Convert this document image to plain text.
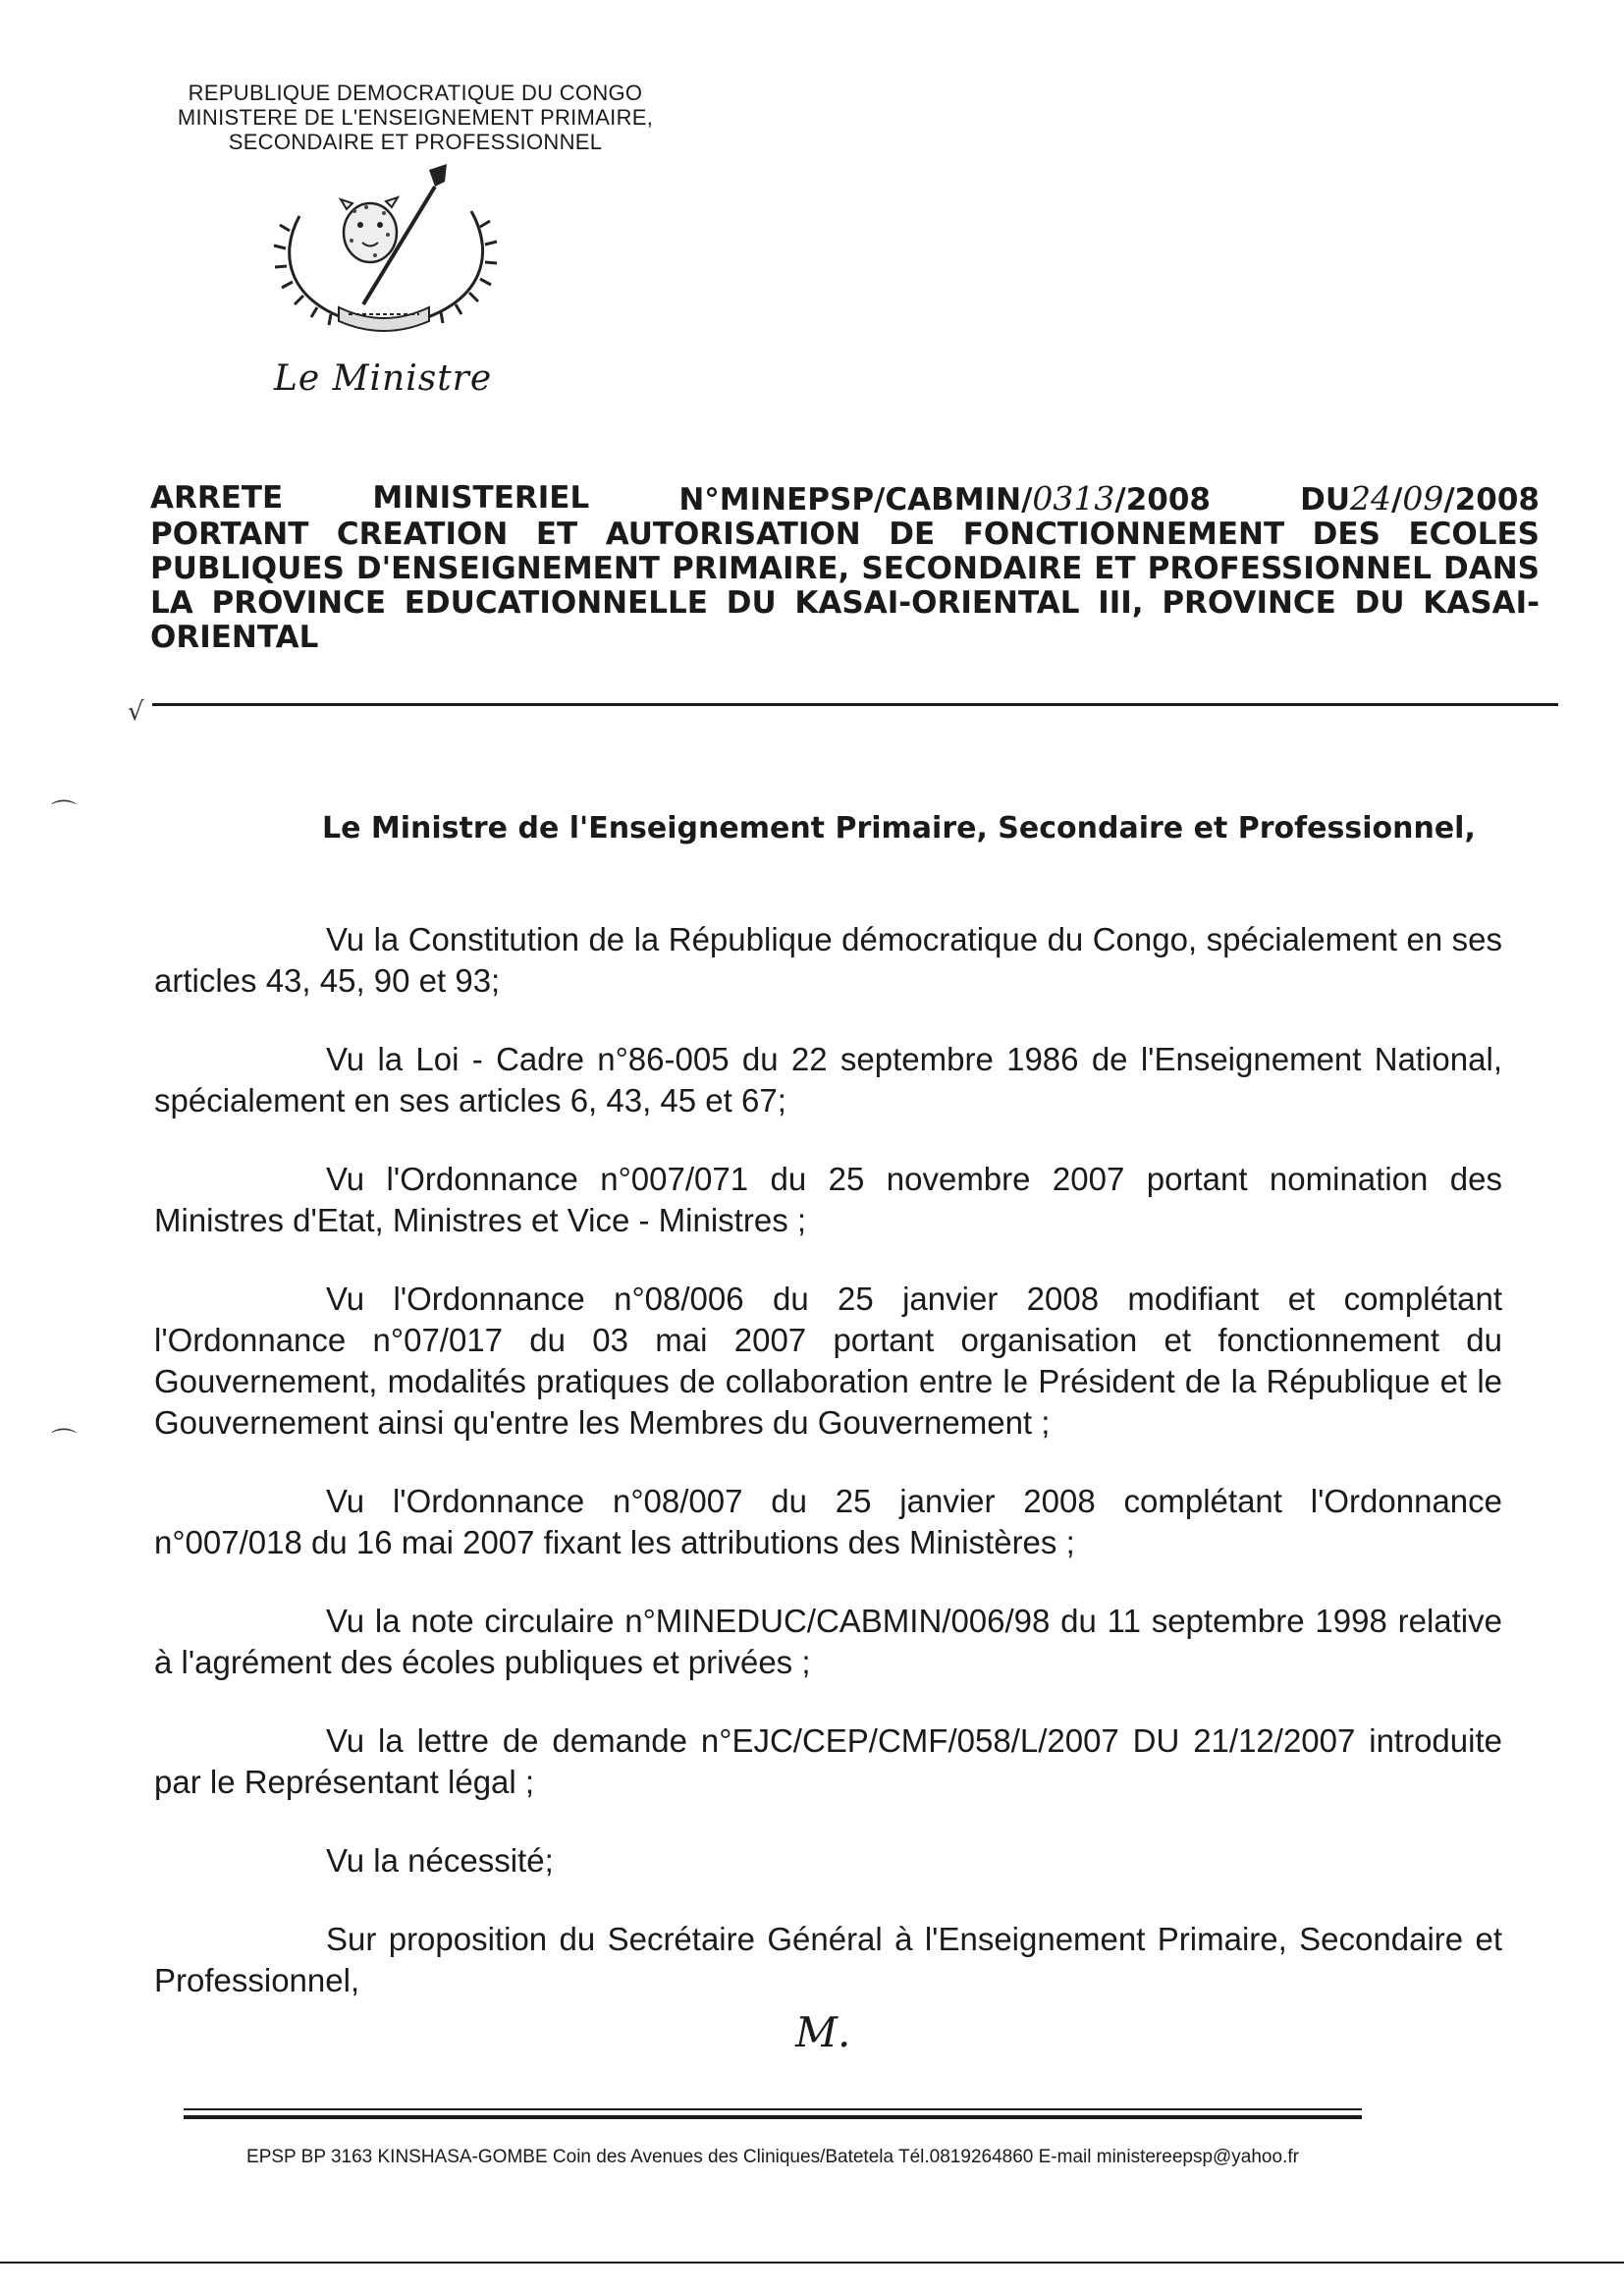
REPUBLIQUE DEMOCRATIQUE DU CONGO
MINISTERE DE L'ENSEIGNEMENT PRIMAIRE,
SECONDAIRE ET PROFESSIONNEL
Le Ministre
ARRETE	MINISTERIEL	N°MINEPSP/CABMIN/0313/2008	DU24/09/2008
PORTANT CREATION ET AUTORISATION DE FONCTIONNEMENT DES ECOLES PUBLIQUES D'ENSEIGNEMENT PRIMAIRE, SECONDAIRE ET PROFESSIONNEL DANS LA PROVINCE EDUCATIONNELLE DU KASAI-ORIENTAL III, PROVINCE DU KASAI-ORIENTAL
Le Ministre de l'Enseignement Primaire, Secondaire et Professionnel,

Vu la Constitution de la République démocratique du Congo, spécialement en ses articles 43, 45, 90 et 93;

Vu la Loi - Cadre n°86-005 du 22 septembre 1986 de l'Enseignement National, spécialement en ses articles 6, 43, 45 et 67;

Vu l'Ordonnance n°007/071 du 25 novembre 2007 portant nomination des Ministres d'Etat, Ministres et Vice - Ministres ;

Vu l'Ordonnance n°08/006 du 25 janvier 2008 modifiant et complétant l'Ordonnance n°07/017 du 03 mai 2007 portant organisation et fonctionnement du Gouvernement, modalités pratiques de collaboration entre le Président de la République et le Gouvernement ainsi qu'entre les Membres du Gouvernement ;

Vu l'Ordonnance n°08/007 du 25 janvier 2008 complétant l'Ordonnance n°007/018 du 16 mai 2007 fixant les attributions des Ministères ;

Vu la note circulaire n°MINEDUC/CABMIN/006/98 du 11 septembre 1998 relative à l'agrément des écoles publiques et privées ;

Vu la lettre de demande n°EJC/CEP/CMF/058/L/2007 DU 21/12/2007 introduite par le Représentant légal ;

Vu la nécessité;

Sur proposition du Secrétaire Général à l'Enseignement Primaire, Secondaire et Professionnel,

M.
EPSP BP 3163 KINSHASA-GOMBE Coin des Avenues des Cliniques/Batetela Tél.0819264860 E-mail ministereepsp@yahoo.fr
⌒
⌒
√
